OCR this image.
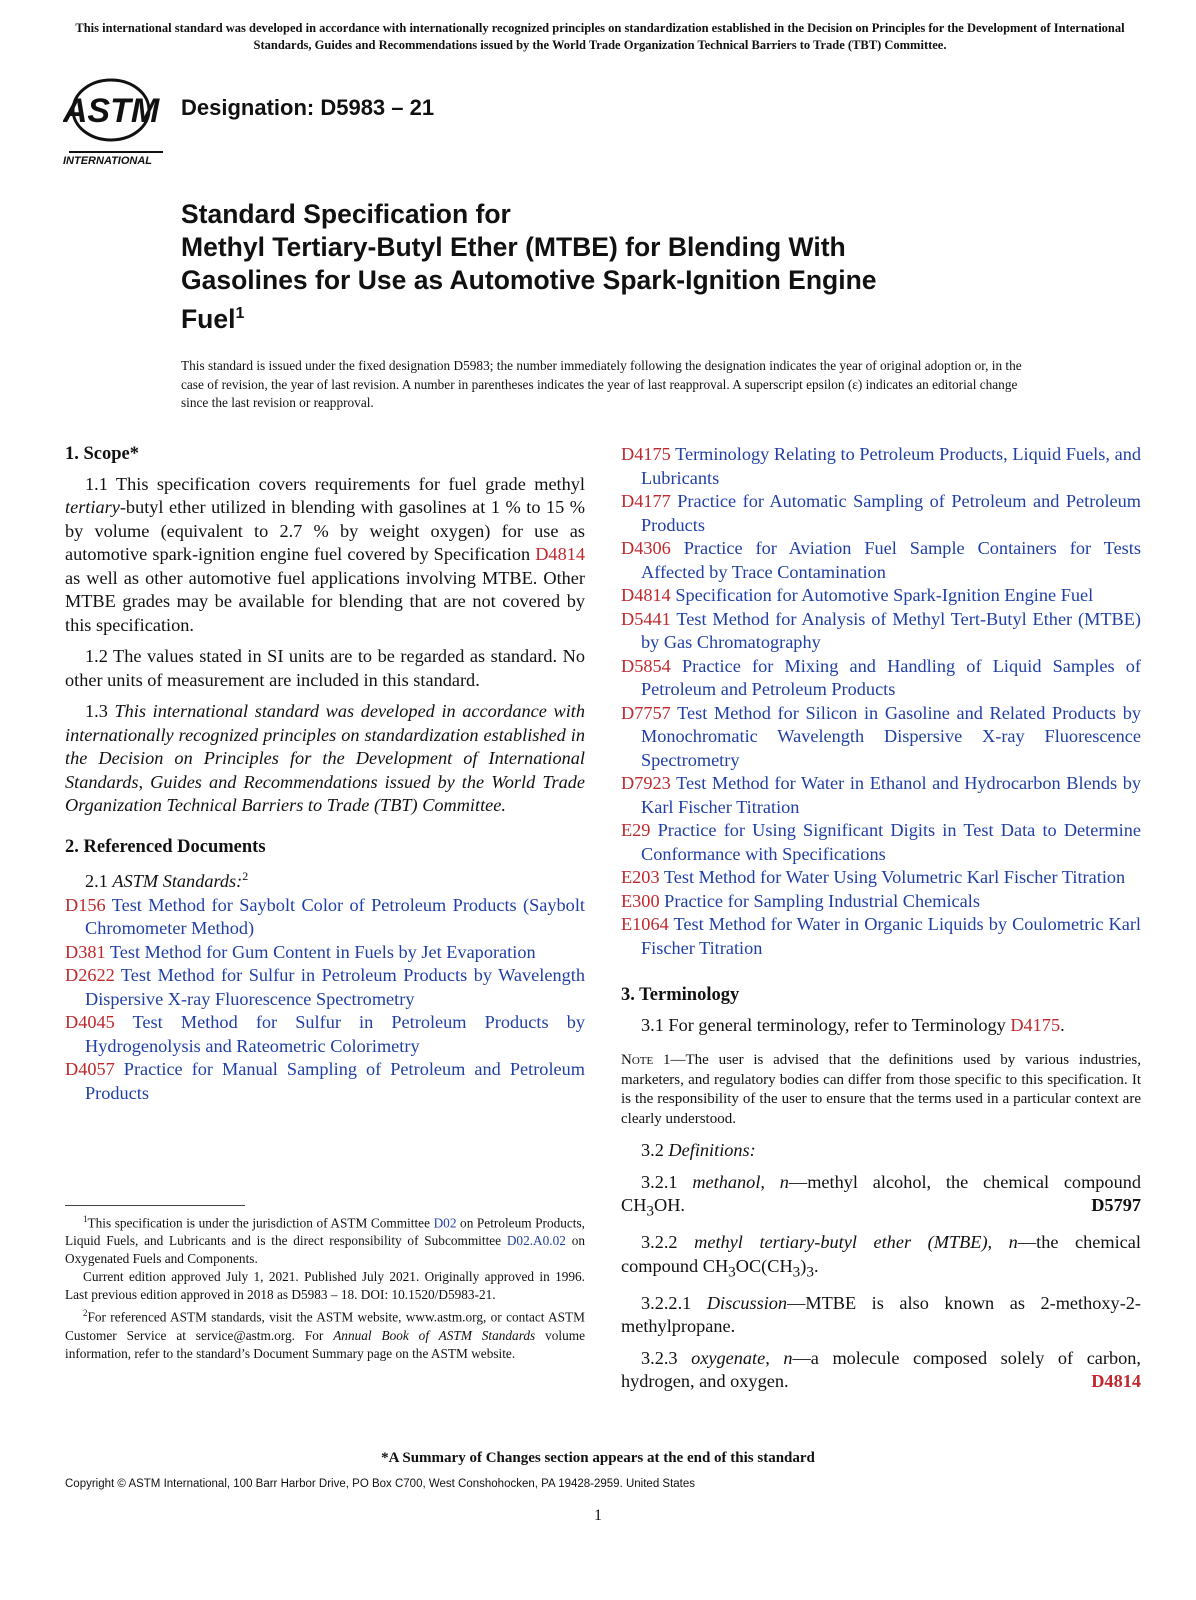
This international standard was developed in accordance with internationally recognized principles on standardization established in the Decision on Principles for the Development of International Standards, Guides and Recommendations issued by the World Trade Organization Technical Barriers to Trade (TBT) Committee.
ASTM
INTERNATIONAL
Designation: D5983 – 21
Standard Specification for
Methyl Tertiary-Butyl Ether (MTBE) for Blending With
Gasolines for Use as Automotive Spark-Ignition Engine
Fuel$^1$
This standard is issued under the fixed designation D5983; the number immediately following the designation indicates the year of original adoption or, in the case of revision, the year of last revision. A number in parentheses indicates the year of last reapproval. A superscript epsilon (ε) indicates an editorial change since the last revision or reapproval.
1. Scope*

1.1 This specification covers requirements for fuel grade methyl tertiary-butyl ether utilized in blending with gasolines at 1 % to 15 % by volume (equivalent to 2.7 % by weight oxygen) for use as automotive spark-ignition engine fuel covered by Specification D4814 as well as other automotive fuel applications involving MTBE. Other MTBE grades may be available for blending that are not covered by this specification.

1.2 The values stated in SI units are to be regarded as standard. No other units of measurement are included in this standard.

1.3 This international standard was developed in accordance with internationally recognized principles on standardization established in the Decision on Principles for the Development of International Standards, Guides and Recommendations issued by the World Trade Organization Technical Barriers to Trade (TBT) Committee.

2. Referenced Documents

2.1 ASTM Standards:$^2$

D156 Test Method for Saybolt Color of Petroleum Products (Saybolt Chromometer Method)

D381 Test Method for Gum Content in Fuels by Jet Evaporation

D2622 Test Method for Sulfur in Petroleum Products by Wavelength Dispersive X-ray Fluorescence Spectrometry

D4045 Test Method for Sulfur in Petroleum Products by Hydrogenolysis and Rateometric Colorimetry

D4057 Practice for Manual Sampling of Petroleum and Petroleum Products

$^1$This specification is under the jurisdiction of ASTM Committee D02 on Petroleum Products, Liquid Fuels, and Lubricants and is the direct responsibility of Subcommittee D02.A0.02 on Oxygenated Fuels and Components.

Current edition approved July 1, 2021. Published July 2021. Originally approved in 1996. Last previous edition approved in 2018 as D5983 – 18. DOI: 10.1520/D5983-21.

$^2$For referenced ASTM standards, visit the ASTM website, www.astm.org, or contact ASTM Customer Service at service@astm.org. For Annual Book of ASTM Standards volume information, refer to the standard’s Document Summary page on the ASTM website.

D4175 Terminology Relating to Petroleum Products, Liquid Fuels, and Lubricants

D4177 Practice for Automatic Sampling of Petroleum and Petroleum Products

D4306 Practice for Aviation Fuel Sample Containers for Tests Affected by Trace Contamination

D4814 Specification for Automotive Spark-Ignition Engine Fuel

D5441 Test Method for Analysis of Methyl Tert-Butyl Ether (MTBE) by Gas Chromatography

D5854 Practice for Mixing and Handling of Liquid Samples of Petroleum and Petroleum Products

D7757 Test Method for Silicon in Gasoline and Related Products by Monochromatic Wavelength Dispersive X-ray Fluorescence Spectrometry

D7923 Test Method for Water in Ethanol and Hydrocarbon Blends by Karl Fischer Titration

E29 Practice for Using Significant Digits in Test Data to Determine Conformance with Specifications

E203 Test Method for Water Using Volumetric Karl Fischer Titration

E300 Practice for Sampling Industrial Chemicals

E1064 Test Method for Water in Organic Liquids by Coulometric Karl Fischer Titration

3. Terminology

3.1 For general terminology, refer to Terminology D4175.

Note 1—The user is advised that the definitions used by various industries, marketers, and regulatory bodies can differ from those specific to this specification. It is the responsibility of the user to ensure that the terms used in a particular context are clearly understood.

3.2 Definitions:

3.2.1 methanol, n—methyl alcohol, the chemical compound $CH_3OH$.	D5797

3.2.2 methyl tertiary-butyl ether (MTBE), n—the chemical compound $CH_3OC(CH_3)_3$.

3.2.2.1 Discussion—MTBE is also known as 2-methoxy-2-methylpropane.

3.2.3 oxygenate, n—a molecule composed solely of carbon, hydrogen, and oxygen.	D4814

*A Summary of Changes section appears at the end of this standard
Copyright © ASTM International, 100 Barr Harbor Drive, PO Box C700, West Conshohocken, PA 19428-2959. United States
1
